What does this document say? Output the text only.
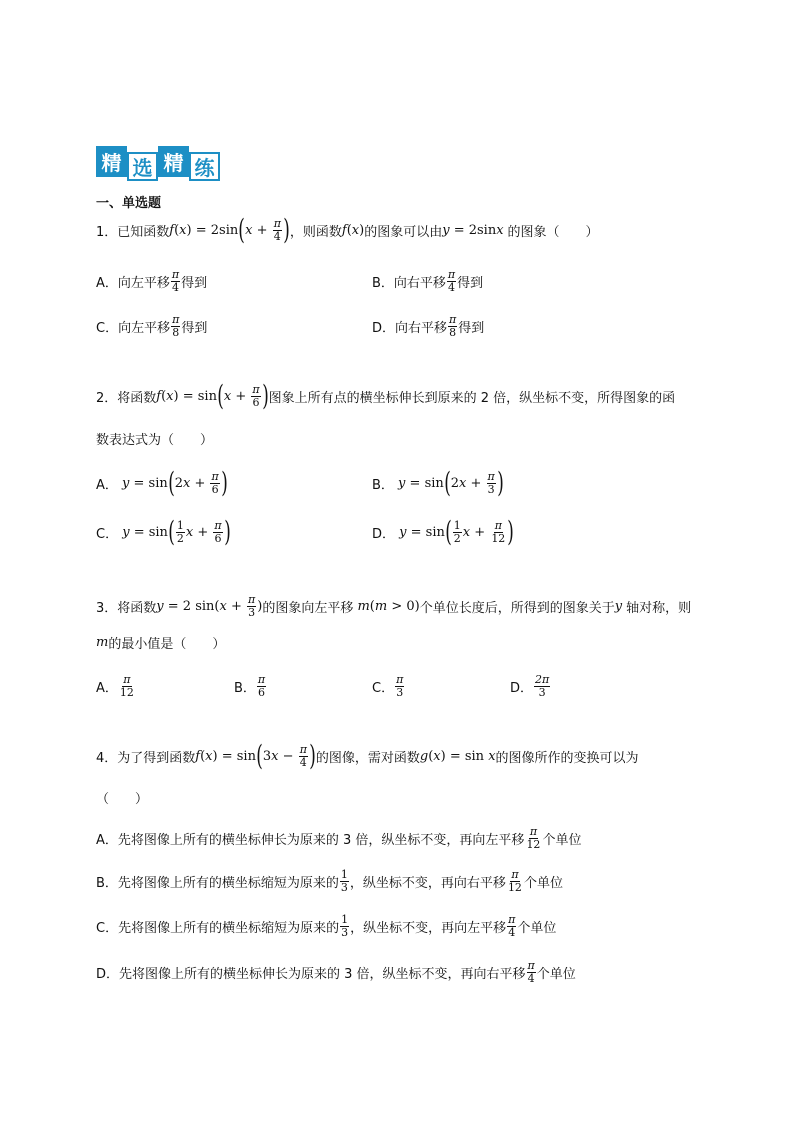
精 选 精 练
一、单选题
1．已知函数 f ( x ) = 2sin ( $x + \frac{\pi}{4}$ ) ，则函数 f ( x ) 的图象可以由 y = 2sin x 的图象（　　）
A．向左平移 $\frac{\pi}{4}$ 得到	B．向右平移 $\frac{\pi}{4}$ 得到
C．向左平移 $\frac{\pi}{8}$ 得到	D．向右平移 $\frac{\pi}{8}$ 得到
2．将函数 f ( x ) = sin ( $x + \frac{\pi}{6}$ ) 图象上所有点的横坐标伸长到原来的 2 倍，纵坐标不变，所得图象的函
数表达式为（　　）
A． y = sin ( 2 $x + \frac{\pi}{6}$ )	B． y = sin ( 2 $x + \frac{\pi}{3}$ )
C． y = sin ( $\frac{1}{2}$ $x + \frac{\pi}{6}$ )	D． y = sin ( $\frac{1}{2}$ $x + \frac{\pi}{12}$ )
3．将函数 y = 2 sin( $x + \frac{\pi}{3}$ ) 的图象向左平移 m ( m > 0) 个单位长度后，所得到的图象关于 y 轴对称，则
m 的最小值是（　　）
A． $\frac{\pi}{12}$	B． $\frac{\pi}{6}$	C． $\frac{\pi}{3}$	D． $\frac{2\pi}{3}$
4．为了得到函数 f ( x ) = sin ( 3 $x - \frac{\pi}{4}$ ) 的图像，需对函数 g ( x ) = sin x 的图像所作的变换可以为
（　　）
A．先将图像上所有的横坐标伸长为原来的 3 倍，纵坐标不变，再向左平移 $\frac{\pi}{12}$ 个单位
B．先将图像上所有的横坐标缩短为原来的 $\frac{1}{3}$ ，纵坐标不变，再向右平移 $\frac{\pi}{12}$ 个单位
C．先将图像上所有的横坐标缩短为原来的 $\frac{1}{3}$ ，纵坐标不变，再向左平移 $\frac{\pi}{4}$ 个单位
D．先将图像上所有的横坐标伸长为原来的 3 倍，纵坐标不变，再向右平移 $\frac{\pi}{4}$ 个单位
